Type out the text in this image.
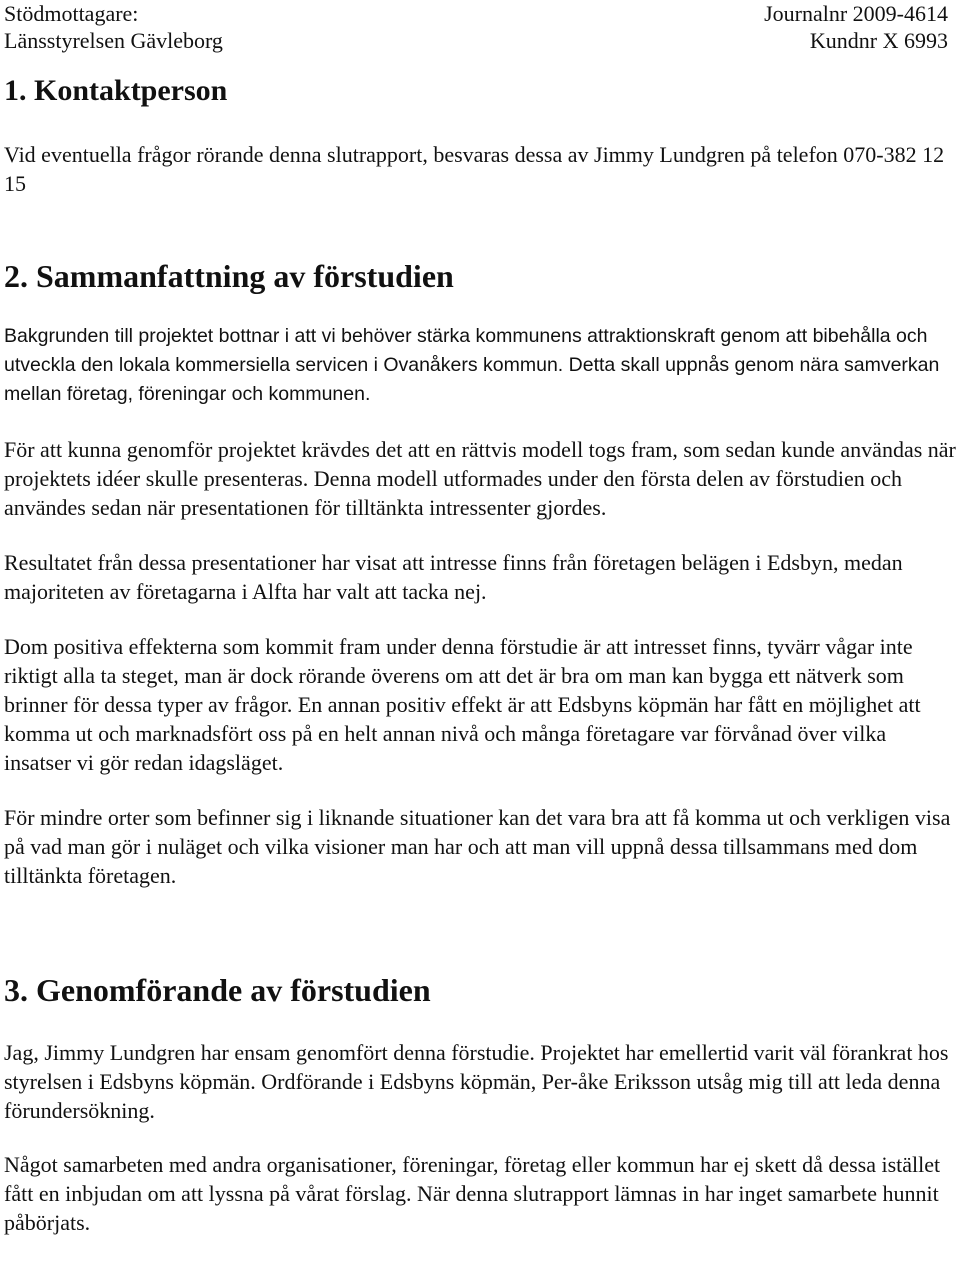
Stödmottagare:
Länsstyrelsen Gävleborg
Journalnr 2009-4614
Kundnr X 6993
1. Kontaktperson

Vid eventuella frågor rörande denna slutrapport, besvaras dessa av Jimmy Lundgren på telefon 070-382 12 15

2. Sammanfattning av förstudien

Bakgrunden till projektet bottnar i att vi behöver stärka kommunens attraktionskraft genom att bibehålla och utveckla den lokala kommersiella servicen i Ovanåkers kommun. Detta skall uppnås genom nära samverkan mellan företag, föreningar och kommunen.

För att kunna genomför projektet krävdes det att en rättvis modell togs fram, som sedan kunde användas när projektets idéer skulle presenteras. Denna modell utformades under den första delen av förstudien och användes sedan när presentationen för tilltänkta intressenter gjordes.

Resultatet från dessa presentationer har visat att intresse finns från företagen belägen i Edsbyn, medan majoriteten av företagarna i Alfta har valt att tacka nej.

Dom positiva effekterna som kommit fram under denna förstudie är att intresset finns, tyvärr vågar inte riktigt alla ta steget, man är dock rörande överens om att det är bra om man kan bygga ett nätverk som brinner för dessa typer av frågor. En annan positiv effekt är att Edsbyns köpmän har fått en möjlighet att komma ut och marknadsfört oss på en helt annan nivå och många företagare var förvånad över vilka insatser vi gör redan idagsläget.

För mindre orter som befinner sig i liknande situationer kan det vara bra att få komma ut och verkligen visa på vad man gör i nuläget och vilka visioner man har och att man vill uppnå dessa tillsammans med dom tilltänkta företagen.

3. Genomförande av förstudien

Jag, Jimmy Lundgren har ensam genomfört denna förstudie. Projektet har emellertid varit väl förankrat hos styrelsen i Edsbyns köpmän. Ordförande i Edsbyns köpmän, Per-åke Eriksson utsåg mig till att leda denna förundersökning.

Något samarbeten med andra organisationer, föreningar, företag eller kommun har ej skett då dessa istället fått en inbjudan om att lyssna på vårat förslag. När denna slutrapport lämnas in har inget samarbete hunnit påbörjats.
